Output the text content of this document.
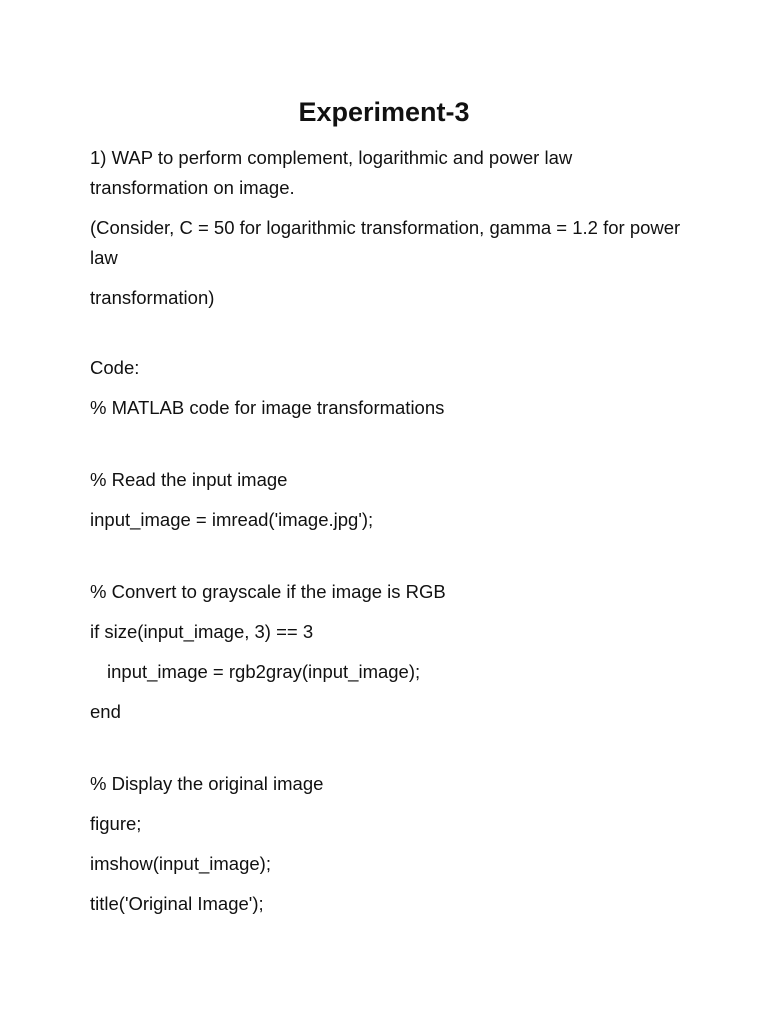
Experiment-3

1) WAP to perform complement, logarithmic and power law transformation on image.

(Consider, C = 50 for logarithmic transformation, gamma = 1.2 for power law

transformation)

Code:

% MATLAB code for image transformations

% Read the input image

input_image = imread('image.jpg');

% Convert to grayscale if the image is RGB

if size(input_image, 3) == 3

input_image = rgb2gray(input_image);

end

% Display the original image

figure;

imshow(input_image);

title('Original Image');
